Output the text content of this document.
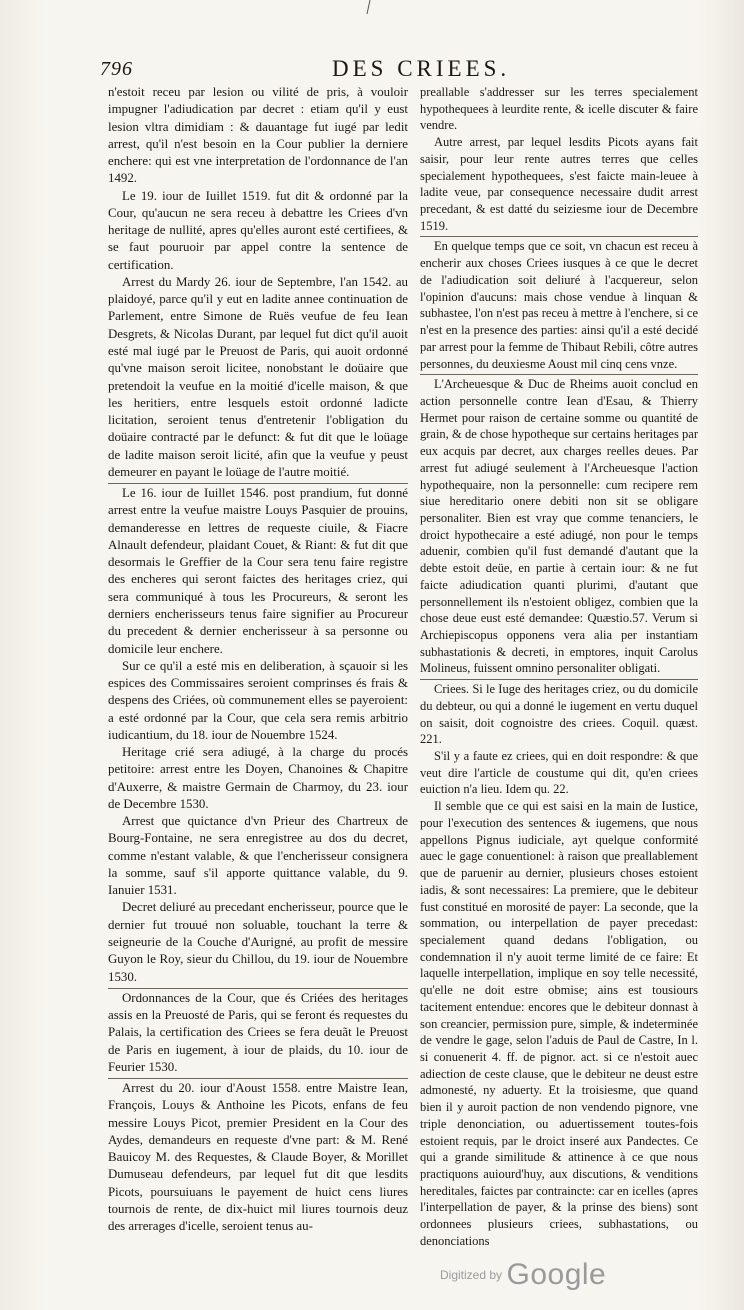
796	DES CRIEES.

n'estoit receu par lesion ou vilité de pris, à vouloir impugner l'adiudication par decret : etiam qu'il y eust lesion vltra dimidiam : & dauantage fut iugé par ledit arrest, qu'il n'est besoin en la Cour publier la derniere enchere: qui est vne interpretation de l'ordonnance de l'an 1492.

Le 19. iour de Iuillet 1519. fut dit & ordonné par la Cour, qu'aucun ne sera receu à debattre les Criees d'vn heritage de nullité, apres qu'elles auront esté certifiees, & se faut pouruoir par appel contre la sentence de certification.

Arrest du Mardy 26. iour de Septembre, l'an 1542. au plaidoyé, parce qu'il y eut en ladite annee continuation de Parlement, entre Simone de Ruës veufue de feu Iean Desgrets, & Nicolas Durant, par lequel fut dict qu'il auoit esté mal iugé par le Preuost de Paris, qui auoit ordonné qu'vne maison seroit licitee, nonobstant le doüaire que pretendoit la veufue en la moitié d'icelle maison, & que les heritiers, entre lesquels estoit ordonné ladicte licitation, seroient tenus d'entretenir l'obligation du doüaire contracté par le defunct: & fut dit que le loüage de ladite maison seroit licité, afin que la veufue y peust demeurer en payant le loüage de l'autre moitié.

Le 16. iour de Iuillet 1546. post prandium, fut donné arrest entre la veufue maistre Louys Pasquier de prouins, demanderesse en lettres de requeste ciuile, & Fiacre Alnault defendeur, plaidant Couet, & Riant: & fut dit que desormais le Greffier de la Cour sera tenu faire registre des encheres qui seront faictes des heritages criez, qui sera communiqué à tous les Procureurs, & seront les derniers encherisseurs tenus faire signifier au Procureur du precedent & dernier encherisseur à sa personne ou domicile leur enchere.

Sur ce qu'il a esté mis en deliberation, à sçauoir si les espices des Commissaires seroient comprinses és frais & despens des Criées, où communement elles se payeroient: a esté ordonné par la Cour, que cela sera remis arbitrio iudicantium, du 18. iour de Nouembre 1524.

Heritage crié sera adiugé, à la charge du procés petitoire: arrest entre les Doyen, Chanoines & Chapitre d'Auxerre, & maistre Germain de Charmoy, du 23. iour de Decembre 1530.

Arrest que quictance d'vn Prieur des Chartreux de Bourg-Fontaine, ne sera enregistree au dos du decret, comme n'estant valable, & que l'encherisseur consignera la somme, sauf s'il apporte quittance valable, du 9. Ianuier 1531.

Decret deliuré au precedant encherisseur, pource que le dernier fut trouué non soluable, touchant la terre & seigneurie de la Couche d'Aurigné, au profit de messire Guyon le Roy, sieur du Chillou, du 19. iour de Nouembre 1530.

Ordonnances de la Cour, que és Criées des heritages assis en la Preuosté de Paris, qui se feront és requestes du Palais, la certification des Criees se fera deuãt le Preuost de Paris en iugement, à iour de plaids, du 10. iour de Feurier 1530.

Arrest du 20. iour d'Aoust 1558. entre Maistre Iean, François, Louys & Anthoine les Picots, enfans de feu messire Louys Picot, premier President en la Cour des Aydes, demandeurs en requeste d'vne part: & M. René Bauicoy M. des Requestes, & Claude Boyer, & Morillet Dumuseau defendeurs, par lequel fut dit que lesdits Picots, poursuiuans le payement de huict cens liures tournois de rente, de dix-huict mil liures tournois deuz des arrerages d'icelle, seroient tenus au-

preallable s'addresser sur les terres specialement hypothequees à leurdite rente, & icelle discuter & faire vendre.

Autre arrest, par lequel lesdits Picots ayans fait saisir, pour leur rente autres terres que celles specialement hypothequees, s'est faicte main-leuee à ladite veue, par consequence necessaire dudit arrest precedant, & est datté du seiziesme iour de Decembre 1519.

En quelque temps que ce soit, vn chacun est receu à encherir aux choses Criees iusques à ce que le decret de l'adiudication soit deliuré à l'acquereur, selon l'opinion d'aucuns: mais chose vendue à linquan & subhastee, l'on n'est pas receu à mettre à l'enchere, si ce n'est en la presence des parties: ainsi qu'il a esté decidé par arrest pour la femme de Thibaut Rebili, côtre autres personnes, du deuxiesme Aoust mil cinq cens vnze.

L'Archeuesque & Duc de Rheims auoit conclud en action personnelle contre Iean d'Esau, & Thierry Hermet pour raison de certaine somme ou quantité de grain, & de chose hypotheque sur certains heritages par eux acquis par decret, aux charges reelles deues. Par arrest fut adiugé seulement à l'Archeuesque l'action hypothequaire, non la personnelle: cum recipere rem siue hereditario onere debiti non sit se obligare personaliter. Bien est vray que comme tenanciers, le droict hypothecaire a esté adiugé, non pour le temps aduenir, combien qu'il fust demandé d'autant que la debte estoit deüe, en partie à certain iour: & ne fut faicte adiudication quanti plurimi, d'autant que personnellement ils n'estoient obligez, combien que la chose deue eust esté demandee: Quæstio.57. Verum si Archiepiscopus opponens vera alia per instantiam subhastationis & decreti, in emptores, inquit Carolus Molineus, fuissent omnino personaliter obligati.

Criees. Si le Iuge des heritages criez, ou du domicile du debteur, ou qui a donné le iugement en vertu duquel on saisit, doit cognoistre des criees. Coquil. quæst. 221.

S'il y a faute ez criees, qui en doit respondre: & que veut dire l'article de coustume qui dit, qu'en criees euiction n'a lieu. Idem qu. 22.

Il semble que ce qui est saisi en la main de Iustice, pour l'execution des sentences & iugemens, que nous appellons Pignus iudiciale, ayt quelque conformité auec le gage conuentionel: à raison que preallablement que de paruenir au dernier, plusieurs choses estoient iadis, & sont necessaires: La premiere, que le debiteur fust constitué en morosité de payer: La seconde, que la sommation, ou interpellation de payer precedast: specialement quand dedans l'obligation, ou condemnation il n'y auoit terme limité de ce faire: Et laquelle interpellation, implique en soy telle necessité, qu'elle ne doit estre obmise; ains est tousiours tacitement entendue: encores que le debiteur donnast à son creancier, permission pure, simple, & indeterminée de vendre le gage, selon l'aduis de Paul de Castre, In l. si conuenerit 4. ff. de pignor. act. si ce n'estoit auec adiection de ceste clause, que le debiteur ne deust estre admonesté, ny aduerty. Et la troisiesme, que quand bien il y auroit paction de non vendendo pignore, vne triple denonciation, ou aduertissement toutes-fois estoient requis, par le droict inseré aux Pandectes. Ce qui a grande similitude & attinence à ce que nous practiquons auiourd'huy, aux discutions, & venditions hereditales, faictes par contraincte: car en icelles (apres l'interpellation de payer, & la prinse des biens) sont ordonnees plusieurs criees, subhastations, ou denonciations

Digitized by Google
